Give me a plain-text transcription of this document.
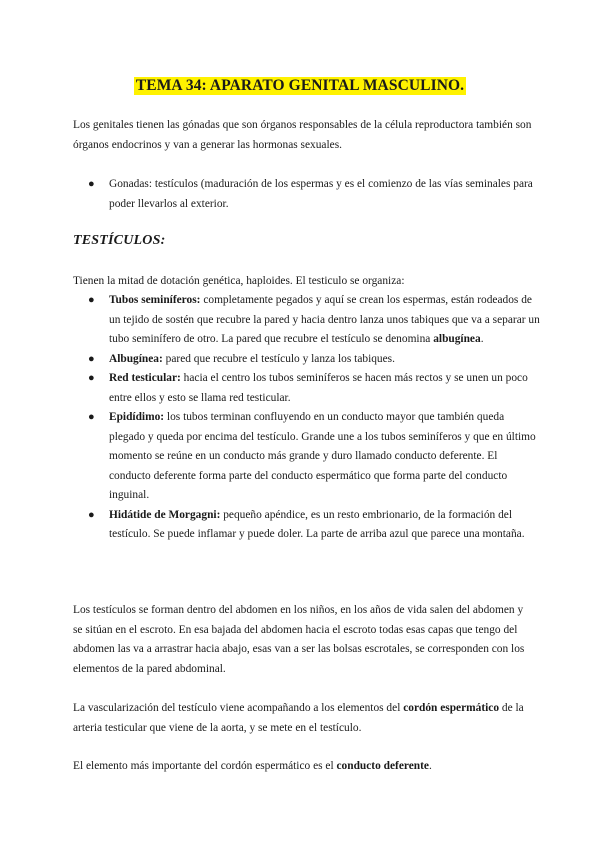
TEMA 34: APARATO GENITAL MASCULINO.

Los genitales tienen las gónadas que son órganos responsables de la célula reproductora también son órganos endocrinos y van a generar las hormonas sexuales.

● Gonadas: testículos (maduración de los espermas y es el comienzo de las vías seminales para poder llevarlos al exterior.
TESTÍCULOS:

Tienen la mitad de dotación genética, haploides. El testiculo se organiza:

● Tubos seminíferos: completamente pegados y aquí se crean los espermas, están rodeados de un tejido de sostén que recubre la pared y hacia dentro lanza unos tabiques que va a separar un tubo seminífero de otro. La pared que recubre el testículo se denomina albugínea.
● Albugínea: pared que recubre el testículo y lanza los tabiques.
● Red testicular: hacia el centro los tubos seminíferos se hacen más rectos y se unen un poco entre ellos y esto se llama red testicular.
● Epidídimo: los tubos terminan confluyendo en un conducto mayor que también queda plegado y queda por encima del testículo. Grande une a los tubos seminíferos y que en último momento se reúne en un conducto más grande y duro llamado conducto deferente. El conducto deferente forma parte del conducto espermático que forma parte del conducto inguinal.
● Hidátide de Morgagni: pequeño apéndice, es un resto embrionario, de la formación del testículo. Se puede inflamar y puede doler. La parte de arriba azul que parece una montaña.

Los testículos se forman dentro del abdomen en los niños, en los años de vida salen del abdomen y se sitúan en el escroto. En esa bajada del abdomen hacia el escroto todas esas capas que tengo del abdomen las va a arrastrar hacia abajo, esas van a ser las bolsas escrotales, se corresponden con los elementos de la pared abdominal.

La vascularización del testículo viene acompañando a los elementos del cordón espermático de la arteria testicular que viene de la aorta, y se mete en el testículo.

El elemento más importante del cordón espermático es el conducto deferente.
